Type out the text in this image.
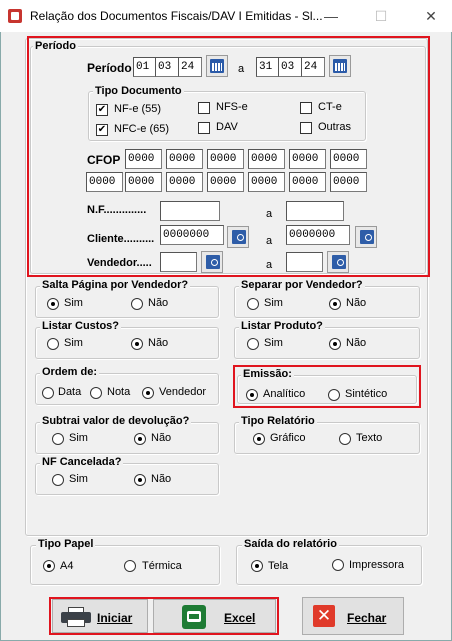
Relação dos Documentos Fiscais/DAV I Emitidas - Sl... —	☐	✕
Período
Período 01 03 24	a 31 03 24
Tipo Documento
✔ NF-e (55)
✔ NFC-e (65)
NFS-e
DAV
CT-e
Outras
CFOP 0000	0000	0000	0000	0000	0000
0000	0000	0000	0000	0000	0000	0000
N.F..............	a
Cliente.......... 0000000	a 0000000
Vendedor.....	a
Salta Página por Vendedor?
Sim	Não
Separar por Vendedor?
Sim	Não
Listar Custos?
Sim	Não
Listar Produto?
Sim	Não
Ordem de:
Data Nota	Vendedor
Emissão:
Analítico	Sintético
Subtrai valor de devolução?
Sim	Não
Tipo Relatório
Gráfico	Texto
NF Cancelada?
Sim	Não
Tipo Papel
A4	Térmica
Saída do relatório
Tela	Impressora
Iniciar	Excel	✕	Fechar
